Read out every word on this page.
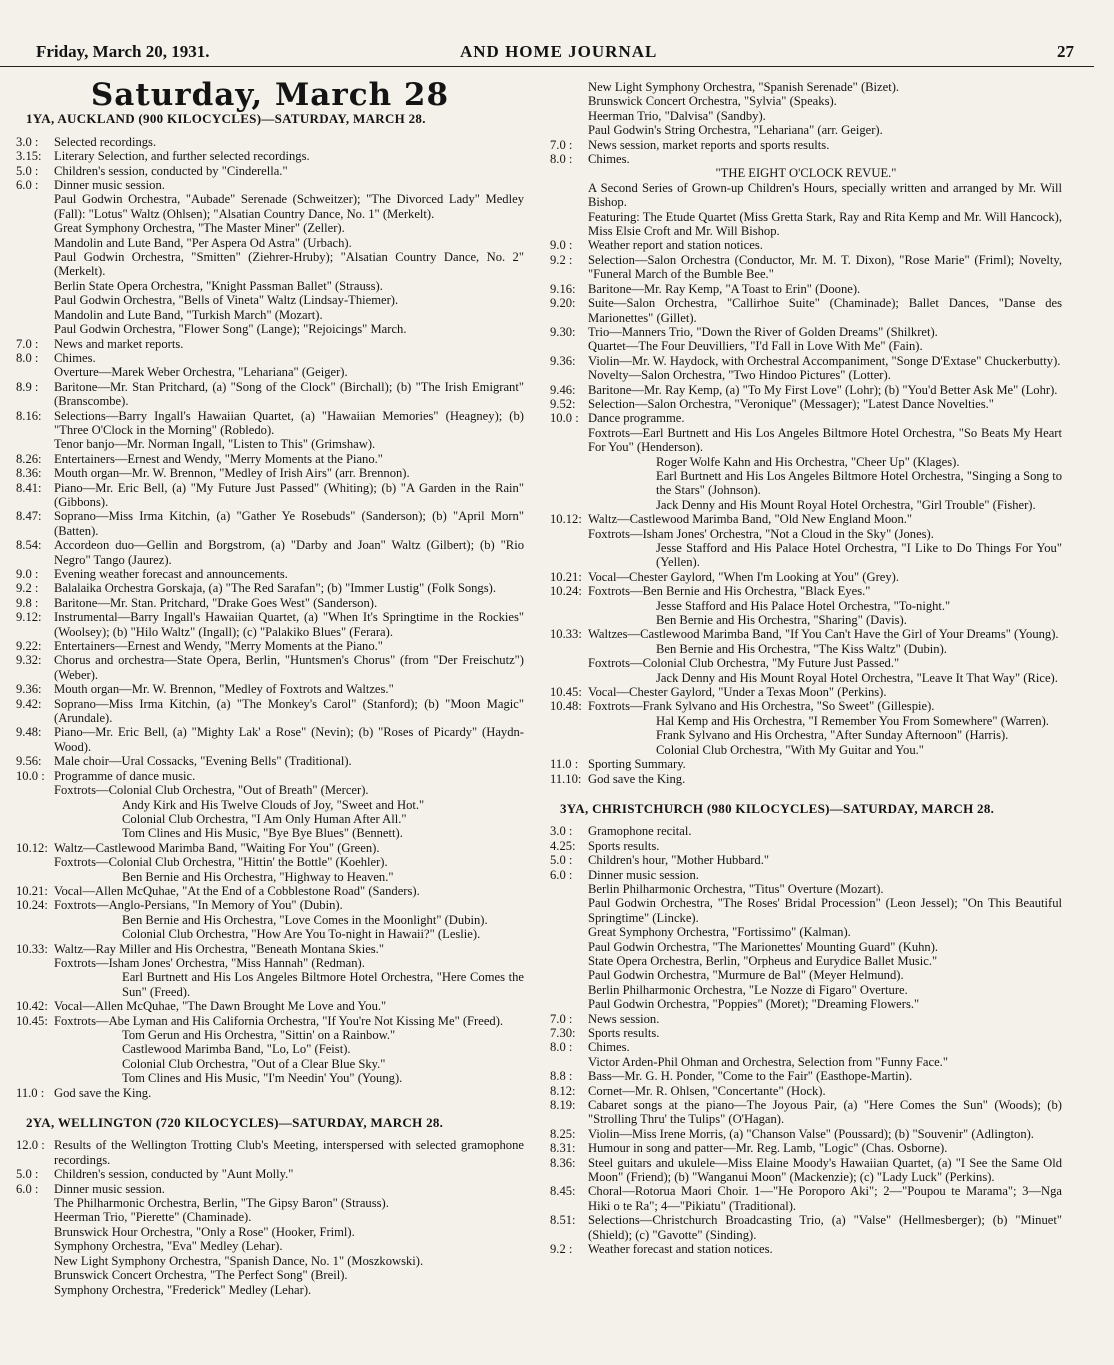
Friday, March 20, 1931.	AND HOME JOURNAL	27
Saturday, March 28
1YA, AUCKLAND (900 KILOCYCLES)—SATURDAY, MARCH 28.
3.0 :	Selected recordings.
3.15: Literary Selection, and further selected recordings.
5.0 :	Children's session, conducted by "Cinderella."
6.0 :	Dinner music session.
Paul Godwin Orchestra, "Aubade" Serenade (Schweitzer); "The Divorced Lady" Medley (Fall): "Lotus" Waltz (Ohlsen); "Alsatian Country Dance, No. 1" (Merkelt).
Great Symphony Orchestra, "The Master Miner" (Zeller).
Mandolin and Lute Band, "Per Aspera Od Astra" (Urbach).
Paul Godwin Orchestra, "Smitten" (Ziehrer-Hruby); "Alsatian Country Dance, No. 2" (Merkelt).
Berlin State Opera Orchestra, "Knight Passman Ballet" (Strauss).
Paul Godwin Orchestra, "Bells of Vineta" Waltz (Lindsay-Thiemer).
Mandolin and Lute Band, "Turkish March" (Mozart).
Paul Godwin Orchestra, "Flower Song" (Lange); "Rejoicings" March.
7.0 :	News and market reports.
8.0 :	Chimes.
Overture—Marek Weber Orchestra, "Lehariana" (Geiger).
8.9 :	Baritone—Mr. Stan Pritchard, (a) "Song of the Clock" (Birchall); (b) "The Irish Emigrant" (Branscombe).
8.16: Selections—Barry Ingall's Hawaiian Quartet, (a) "Hawaiian Memories" (Heagney); (b) "Three O'Clock in the Morning" (Robledo).
Tenor banjo—Mr. Norman Ingall, "Listen to This" (Grimshaw).
8.26: Entertainers—Ernest and Wendy, "Merry Moments at the Piano."
8.36: Mouth organ—Mr. W. Brennon, "Medley of Irish Airs" (arr. Brennon).
8.41: Piano—Mr. Eric Bell, (a) "My Future Just Passed" (Whiting); (b) "A Garden in the Rain" (Gibbons).
8.47: Soprano—Miss Irma Kitchin, (a) "Gather Ye Rosebuds" (Sanderson); (b) "April Morn" (Batten).
8.54: Accordeon duo—Gellin and Borgstrom, (a) "Darby and Joan" Waltz (Gilbert); (b) "Rio Negro" Tango (Jaurez).
9.0 :	Evening weather forecast and announcements.
9.2 :	Balalaika Orchestra Gorskaja, (a) "The Red Sarafan"; (b) "Immer Lustig" (Folk Songs).
9.8 :	Baritone—Mr. Stan. Pritchard, "Drake Goes West" (Sanderson).
9.12: Instrumental—Barry Ingall's Hawaiian Quartet, (a) "When It's Springtime in the Rockies" (Woolsey); (b) "Hilo Waltz" (Ingall); (c) "Palakiko Blues" (Ferara).
9.22: Entertainers—Ernest and Wendy, "Merry Moments at the Piano."
9.32: Chorus and orchestra—State Opera, Berlin, "Huntsmen's Chorus" (from "Der Freischutz") (Weber).
9.36: Mouth organ—Mr. W. Brennon, "Medley of Foxtrots and Waltzes."
9.42: Soprano—Miss Irma Kitchin, (a) "The Monkey's Carol" (Stanford); (b) "Moon Magic" (Arundale).
9.48: Piano—Mr. Eric Bell, (a) "Mighty Lak' a Rose" (Nevin); (b) "Roses of Picardy" (Haydn-Wood).
9.56: Male choir—Ural Cossacks, "Evening Bells" (Traditional).
10.0 : Programme of dance music.
Foxtrots—Colonial Club Orchestra, "Out of Breath" (Mercer).
Andy Kirk and His Twelve Clouds of Joy, "Sweet and Hot."
Colonial Club Orchestra, "I Am Only Human After All."
Tom Clines and His Music, "Bye Bye Blues" (Bennett).
10.12: Waltz—Castlewood Marimba Band, "Waiting For You" (Green).
Foxtrots—Colonial Club Orchestra, "Hittin' the Bottle" (Koehler).
Ben Bernie and His Orchestra, "Highway to Heaven."
10.21: Vocal—Allen McQuhae, "At the End of a Cobblestone Road" (Sanders).
10.24: Foxtrots—Anglo-Persians, "In Memory of You" (Dubin).
Ben Bernie and His Orchestra, "Love Comes in the Moonlight" (Dubin).
Colonial Club Orchestra, "How Are You To-night in Hawaii?" (Leslie).
10.33: Waltz—Ray Miller and His Orchestra, "Beneath Montana Skies."
Foxtrots—Isham Jones' Orchestra, "Miss Hannah" (Redman).
Earl Burtnett and His Los Angeles Biltmore Hotel Orchestra, "Here Comes the Sun" (Freed).
10.42: Vocal—Allen McQuhae, "The Dawn Brought Me Love and You."
10.45: Foxtrots—Abe Lyman and His California Orchestra, "If You're Not Kissing Me" (Freed).
Tom Gerun and His Orchestra, "Sittin' on a Rainbow."
Castlewood Marimba Band, "Lo, Lo" (Feist).
Colonial Club Orchestra, "Out of a Clear Blue Sky."
Tom Clines and His Music, "I'm Needin' You" (Young).
11.0 : God save the King.
2YA, WELLINGTON (720 KILOCYCLES)—SATURDAY, MARCH 28.
12.0 : Results of the Wellington Trotting Club's Meeting, interspersed with selected gramophone recordings.
5.0 :	Children's session, conducted by "Aunt Molly."
6.0 :	Dinner music session.
The Philharmonic Orchestra, Berlin, "The Gipsy Baron" (Strauss).
Heerman Trio, "Pierette" (Chaminade).
Brunswick Hour Orchestra, "Only a Rose" (Hooker, Friml).
Symphony Orchestra, "Eva" Medley (Lehar).
New Light Symphony Orchestra, "Spanish Dance, No. 1" (Moszkowski).
Brunswick Concert Orchestra, "The Perfect Song" (Breil).
Symphony Orchestra, "Frederick" Medley (Lehar).
New Light Symphony Orchestra, "Spanish Serenade" (Bizet).
Brunswick Concert Orchestra, "Sylvia" (Speaks).
Heerman Trio, "Dalvisa" (Sandby).
Paul Godwin's String Orchestra, "Lehariana" (arr. Geiger).
7.0 :	News session, market reports and sports results.
8.0 :	Chimes.
"THE EIGHT O'CLOCK REVUE."
A Second Series of Grown-up Children's Hours, specially written and arranged by Mr. Will Bishop.
Featuring: The Etude Quartet (Miss Gretta Stark, Ray and Rita Kemp and Mr. Will Hancock), Miss Elsie Croft and Mr. Will Bishop.
9.0 :	Weather report and station notices.
9.2 :	Selection—Salon Orchestra (Conductor, Mr. M. T. Dixon), "Rose Marie" (Friml); Novelty, "Funeral March of the Bumble Bee."
9.16: Baritone—Mr. Ray Kemp, "A Toast to Erin" (Doone).
9.20: Suite—Salon Orchestra, "Callirhoe Suite" (Chaminade); Ballet Dances, "Danse des Marionettes" (Gillet).
9.30: Trio—Manners Trio, "Down the River of Golden Dreams" (Shilkret).
Quartet—The Four Deuvilliers, "I'd Fall in Love With Me" (Fain).
9.36: Violin—Mr. W. Haydock, with Orchestral Accompaniment, "Songe D'Extase" Chuckerbutty).
Novelty—Salon Orchestra, "Two Hindoo Pictures" (Lotter).
9.46: Baritone—Mr. Ray Kemp, (a) "To My First Love" (Lohr); (b) "You'd Better Ask Me" (Lohr).
9.52: Selection—Salon Orchestra, "Veronique" (Messager); "Latest Dance Novelties."
10.0 : Dance programme.
Foxtrots—Earl Burtnett and His Los Angeles Biltmore Hotel Orchestra, "So Beats My Heart For You" (Henderson).
Roger Wolfe Kahn and His Orchestra, "Cheer Up" (Klages).
Earl Burtnett and His Los Angeles Biltmore Hotel Orchestra, "Singing a Song to the Stars" (Johnson).
Jack Denny and His Mount Royal Hotel Orchestra, "Girl Trouble" (Fisher).
10.12: Waltz—Castlewood Marimba Band, "Old New England Moon."
Foxtrots—Isham Jones' Orchestra, "Not a Cloud in the Sky" (Jones).
Jesse Stafford and His Palace Hotel Orchestra, "I Like to Do Things For You" (Yellen).
10.21: Vocal—Chester Gaylord, "When I'm Looking at You" (Grey).
10.24: Foxtrots—Ben Bernie and His Orchestra, "Black Eyes."
Jesse Stafford and His Palace Hotel Orchestra, "To-night."
Ben Bernie and His Orchestra, "Sharing" (Davis).
10.33: Waltzes—Castlewood Marimba Band, "If You Can't Have the Girl of Your Dreams" (Young).
Ben Bernie and His Orchestra, "The Kiss Waltz" (Dubin).
Foxtrots—Colonial Club Orchestra, "My Future Just Passed."
Jack Denny and His Mount Royal Hotel Orchestra, "Leave It That Way" (Rice).
10.45: Vocal—Chester Gaylord, "Under a Texas Moon" (Perkins).
10.48: Foxtrots—Frank Sylvano and His Orchestra, "So Sweet" (Gillespie).
Hal Kemp and His Orchestra, "I Remember You From Somewhere" (Warren).
Frank Sylvano and His Orchestra, "After Sunday Afternoon" (Harris).
Colonial Club Orchestra, "With My Guitar and You."
11.0 : Sporting Summary.
11.10: God save the King.
3YA, CHRISTCHURCH (980 KILOCYCLES)—SATURDAY, MARCH 28.
3.0 :	Gramophone recital.
4.25: Sports results.
5.0 :	Children's hour, "Mother Hubbard."
6.0 :	Dinner music session.
Berlin Philharmonic Orchestra, "Titus" Overture (Mozart).
Paul Godwin Orchestra, "The Roses' Bridal Procession" (Leon Jessel); "On This Beautiful Springtime" (Lincke).
Great Symphony Orchestra, "Fortissimo" (Kalman).
Paul Godwin Orchestra, "The Marionettes' Mounting Guard" (Kuhn).
State Opera Orchestra, Berlin, "Orpheus and Eurydice Ballet Music."
Paul Godwin Orchestra, "Murmure de Bal" (Meyer Helmund).
Berlin Philharmonic Orchestra, "Le Nozze di Figaro" Overture.
Paul Godwin Orchestra, "Poppies" (Moret); "Dreaming Flowers."
7.0 :	News session.
7.30: Sports results.
8.0 :	Chimes.
Victor Arden-Phil Ohman and Orchestra, Selection from "Funny Face."
8.8 :	Bass—Mr. G. H. Ponder, "Come to the Fair" (Easthope-Martin).
8.12: Cornet—Mr. R. Ohlsen, "Concertante" (Hock).
8.19: Cabaret songs at the piano—The Joyous Pair, (a) "Here Comes the Sun" (Woods); (b) "Strolling Thru' the Tulips" (O'Hagan).
8.25: Violin—Miss Irene Morris, (a) "Chanson Valse" (Poussard); (b) "Souvenir" (Adlington).
8.31: Humour in song and patter—Mr. Reg. Lamb, "Logic" (Chas. Osborne).
8.36: Steel guitars and ukulele—Miss Elaine Moody's Hawaiian Quartet, (a) "I See the Same Old Moon" (Friend); (b) "Wanganui Moon" (Mackenzie); (c) "Lady Luck" (Perkins).
8.45: Choral—Rotorua Maori Choir. 1—"He Poroporo Aki"; 2—"Poupou te Marama"; 3—Nga Hiki o te Ra"; 4—"Pikiatu" (Traditional).
8.51: Selections—Christchurch Broadcasting Trio, (a) "Valse" (Hellmesberger); (b) "Minuet" (Shield); (c) "Gavotte" (Sinding).
9.2 :	Weather forecast and station notices.
